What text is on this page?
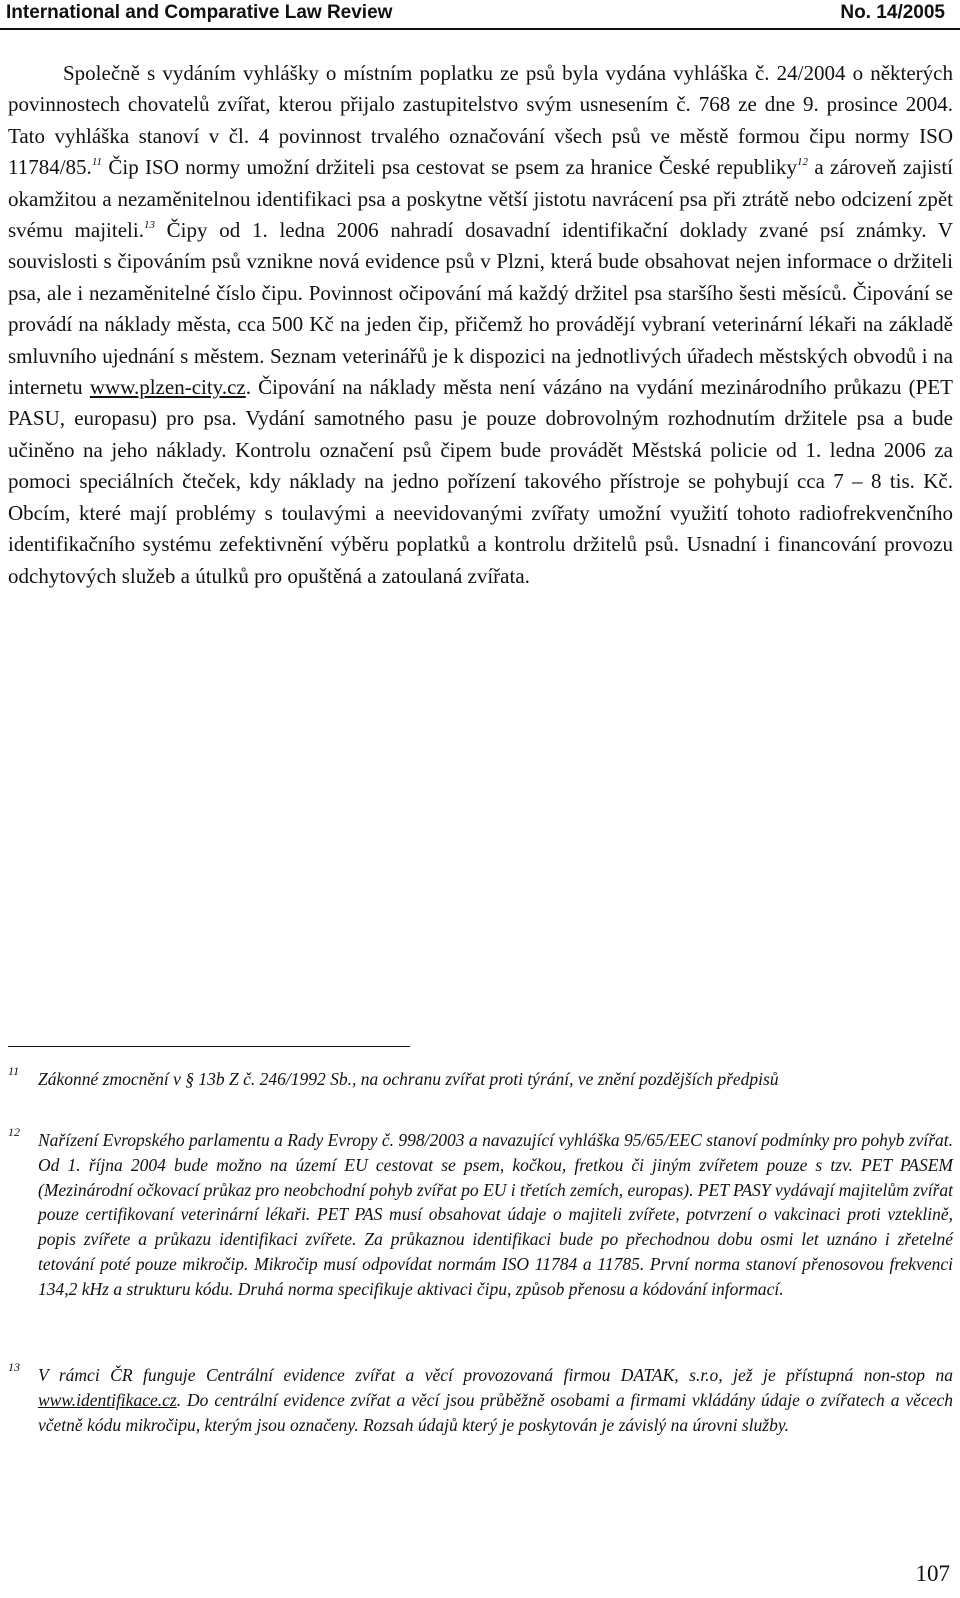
International and Comparative Law Review	No. 14/2005

Společně s vydáním vyhlášky o místním poplatku ze psů byla vydána vyhláška č. 24/2004 o některých povinnostech chovatelů zvířat, kterou přijalo zastupitelstvo svým usnesením č. 768 ze dne 9. prosince 2004. Tato vyhláška stanoví v čl. 4 povinnost trvalého označování všech psů ve městě formou čipu normy ISO 11784/85.11 Čip ISO normy umožní držiteli psa cestovat se psem za hranice České republiky$^{12}$ a zároveň zajistí okamžitou a nezaměnitelnou identifikaci psa a poskytne větší jistotu navrácení psa při ztrátě nebo odcizení zpět svému majiteli.$^{13}$ Čipy od 1. ledna 2006 nahradí dosavadní identifikační doklady zvané psí známky. V souvislosti s čipováním psů vznikne nová evidence psů v Plzni, která bude obsahovat nejen informace o držiteli psa, ale i nezaměnitelné číslo čipu. Povinnost očipování má každý držitel psa staršího šesti měsíců. Čipování se provádí na náklady města, cca 500 Kč na jeden čip, přičemž ho provádějí vybraní veterinární lékaři na základě smluvního ujednání s městem. Seznam veterinářů je k dispozici na jednotlivých úřadech městských obvodů i na internetu www.plzen-city.cz. Čipování na náklady města není vázáno na vydání mezinárodního průkazu (PET PASU, europasu) pro psa. Vydání samotného pasu je pouze dobrovolným rozhodnutím držitele psa a bude učiněno na jeho náklady. Kontrolu označení psů čipem bude provádět Městská policie od 1. ledna 2006 za pomoci speciálních čteček, kdy náklady na jedno pořízení takového přístroje se pohybují cca 7 – 8 tis. Kč. Obcím, které mají problémy s toulavými a neevidovanými zvířaty umožní využití tohoto radiofrekvenčního identifikačního systému zefektivnění výběru poplatků a kontrolu držitelů psů. Usnadní i financování provozu odchytových služeb a útulků pro opuštěná a zatoulaná zvířata.

11 Zákonné zmocnění v § 13b Z č. 246/1992 Sb., na ochranu zvířat proti týrání, ve znění pozdějších předpisů
12 Nařízení Evropského parlamentu a Rady Evropy č. 998/2003 a navazující vyhláška 95/65/EEC stanoví podmínky pro pohyb zvířat. Od 1. října 2004 bude možno na území EU cestovat se psem, kočkou, fretkou či jiným zvířetem pouze s tzv. PET PASEM (Mezinárodní očkovací průkaz pro neobchodní pohyb zvířat po EU i třetích zemích, europas). PET PASY vydávají majitelům zvířat pouze certifikovaní veterinární lékaři. PET PAS musí obsahovat údaje o majiteli zvířete, potvrzení o vakcinaci proti vzteklině, popis zvířete a průkazu identifikaci zvířete. Za průkaznou identifikaci bude po přechodnou dobu osmi let uznáno i zřetelné tetování poté pouze mikročip. Mikročip musí odpovídat normám ISO 11784 a 11785. První norma stanoví přenosovou frekvenci 134,2 kHz a strukturu kódu. Druhá norma specifikuje aktivaci čipu, způsob přenosu a kódování informací.
13 V rámci ČR funguje Centrální evidence zvířat a věcí provozovaná firmou DATAK, s.r.o, jež je přístupná non-stop na www.identifikace.cz. Do centrální evidence zvířat a věcí jsou průběžně osobami a firmami vkládány údaje o zvířatech a věcech včetně kódu mikročipu, kterým jsou označeny. Rozsah údajů který je poskytován je závislý na úrovni služby.
107
